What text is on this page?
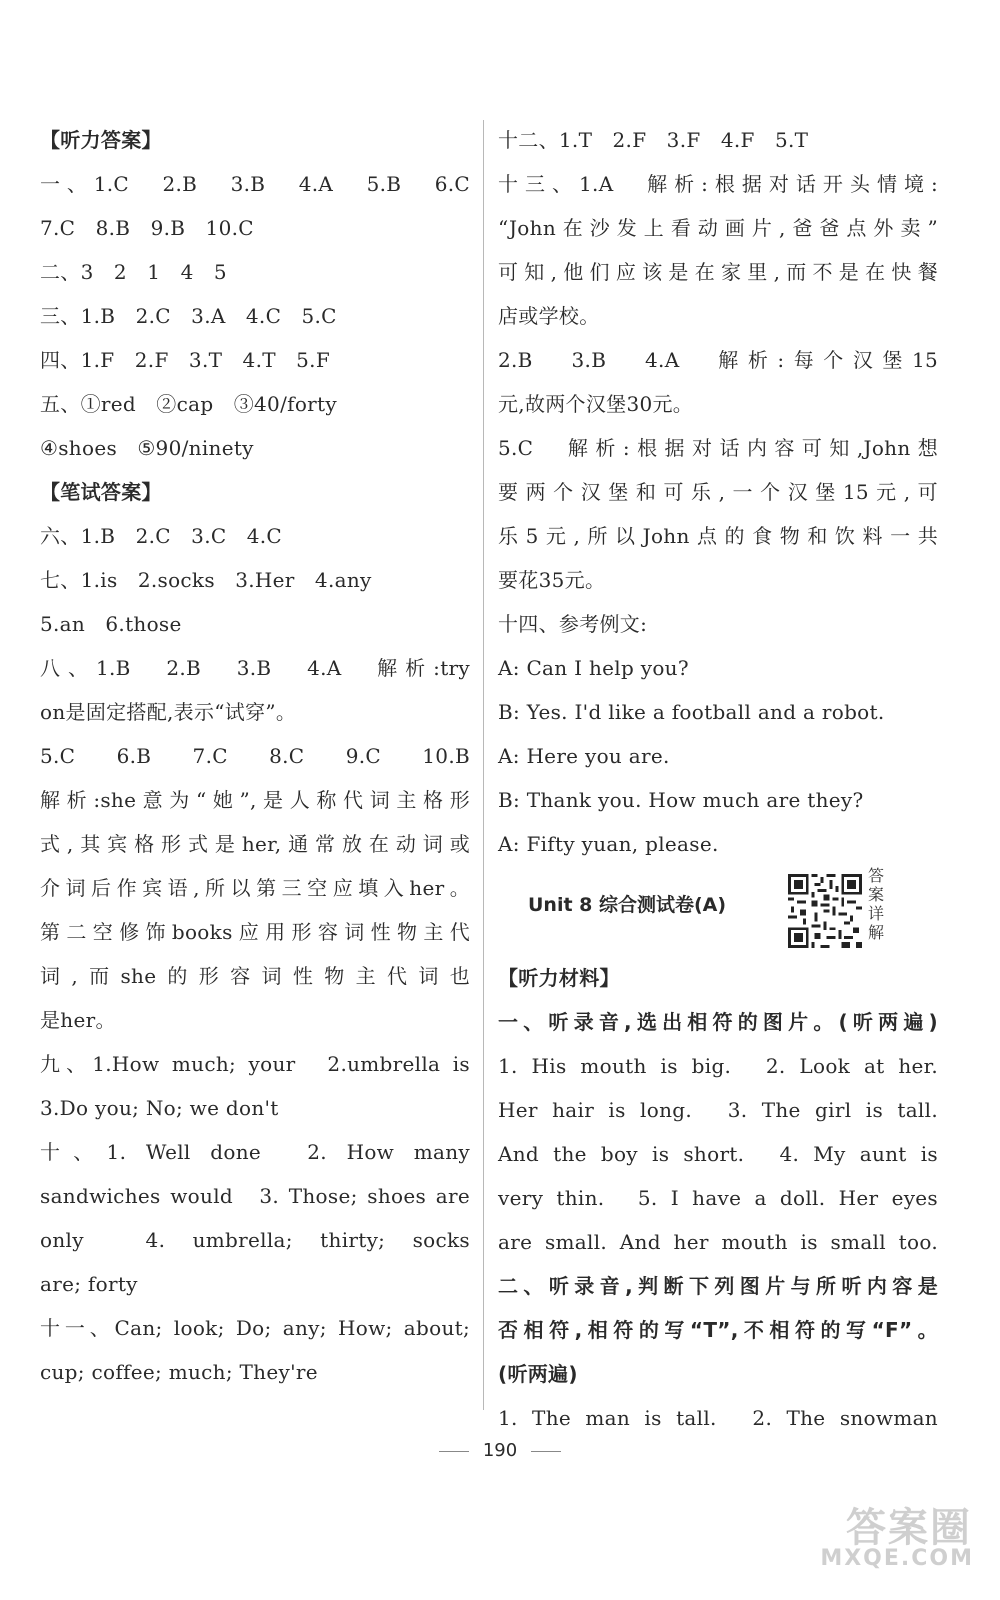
【听力答案】
一、1.C　2.B　3.B　4.A　5.B　6.C
7.C　8.B　9.B　10.C
二、3　2　1　4　5
三、1.B　2.C　3.A　4.C　5.C
四、1.F　2.F　3.T　4.T　5.F
五、①red　②cap　③40/forty
④shoes　⑤90/ninety
【笔试答案】
六、1.B　2.C　3.C　4.C
七、1.is　2.socks　3.Her　4.any
5.an　6.those
八、1.B　2.B　3.B　4.A　解析:try
on是固定搭配,表示“试穿”。
5.C　6.B　7.C　8.C　9.C　10.B
解析:she意为“她”,是人称代词主格形
式,其宾格形式是her,通常放在动词或
介词后作宾语,所以第三空应填入her。
第二空修饰books应用形容词性物主代
词,而she的形容词性物主代词也
是her。
九、1.How much; your　2.umbrella is
3.Do you; No; we don't
十、1. Well done　2. How many
sandwiches would　3. Those; shoes are
only　4. umbrella; thirty; socks
are; forty
十一、Can; look; Do; any; How; about;
cup; coffee; much; They're
十二、1.T　2.F　3.F　4.F　5.T
十三、1.A　解析:根据对话开头情境:
“John在沙发上看动画片,爸爸点外卖”
可知,他们应该是在家里,而不是在快餐
店或学校。
2.B　3.B　4.A　解析:每个汉堡15
元,故两个汉堡30元。
5.C　解析:根据对话内容可知,John想
要两个汉堡和可乐,一个汉堡15元,可
乐5元,所以John点的食物和饮料一共
要花35元。
十四、参考例文:
A: Can I help you?
B: Yes. I'd like a football and a robot.
A: Here you are.
B: Thank you. How much are they?
A: Fifty yuan, please.
Unit 8 综合测试卷(A)
答案详解
【听力材料】
一、听录音,选出相符的图片。(听两遍)
1. His mouth is big.　2. Look at her.
Her hair is long.　3. The girl is tall.
And the boy is short.　4. My aunt is
very thin.　5. I have a doll. Her eyes
are small. And her mouth is small too.
二、听录音,判断下列图片与所听内容是
否相符,相符的写“T”,不相符的写“F”。
(听两遍)
1. The man is tall.　2. The snowman
190
答案圈
MXQE.COM
